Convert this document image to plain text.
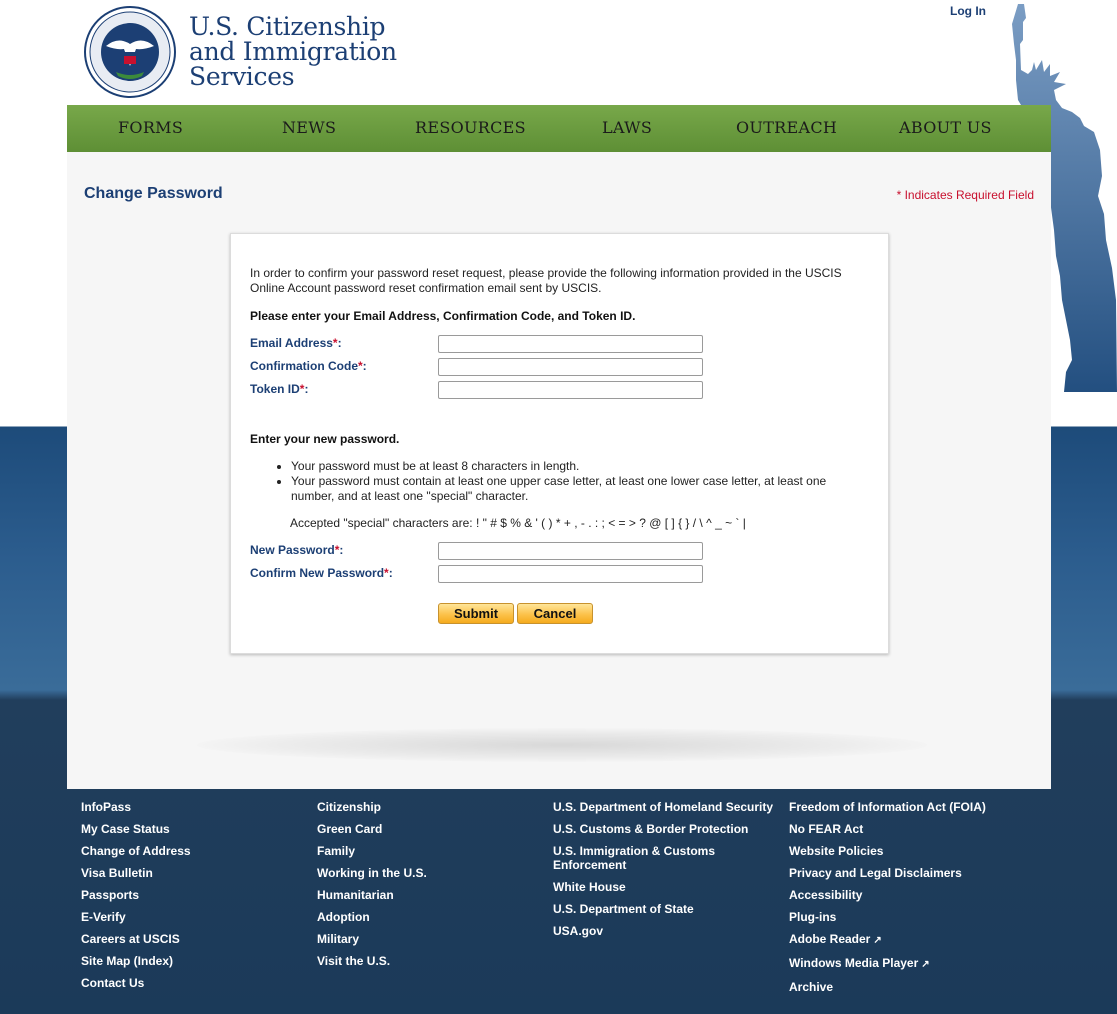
U.S. Citizenship
and Immigration
Services
Log In
FORMS	NEWS	RESOURCES	LAWS	OUTREACH	ABOUT US
Change Password	* Indicates Required Field
In order to confirm your password reset request, please provide the following information provided in the USCIS Online Account password reset confirmation email sent by USCIS.
Please enter your Email Address, Confirmation Code, and Token ID.
Email Address*:
Confirmation Code*:
Token ID*:
Enter your new password.
• Your password must be at least 8 characters in length.
• Your password must contain at least one upper case letter, at least one lower case letter, at least one number, and at least one "special" character.
Accepted "special" characters are: ! " # $ % & ' ( ) * + , - . : ; < = > ? @ [ ] { } / \ ^ _ ~ ` |
New Password*:
Confirm New Password*:
Submit	Cancel
InfoPass
My Case Status
Change of Address
Visa Bulletin
Passports
E-Verify
Careers at USCIS
Site Map (Index)
Contact Us
Citizenship
Green Card
Family
Working in the U.S.
Humanitarian
Adoption
Military
Visit the U.S.
U.S. Department of Homeland Security
U.S. Customs & Border Protection
U.S. Immigration & Customs Enforcement
White House
U.S. Department of State
USA.gov
Freedom of Information Act (FOIA)
No FEAR Act
Website Policies
Privacy and Legal Disclaimers
Accessibility
Plug-ins
Adobe Reader ↗
Windows Media Player ↗
Archive
